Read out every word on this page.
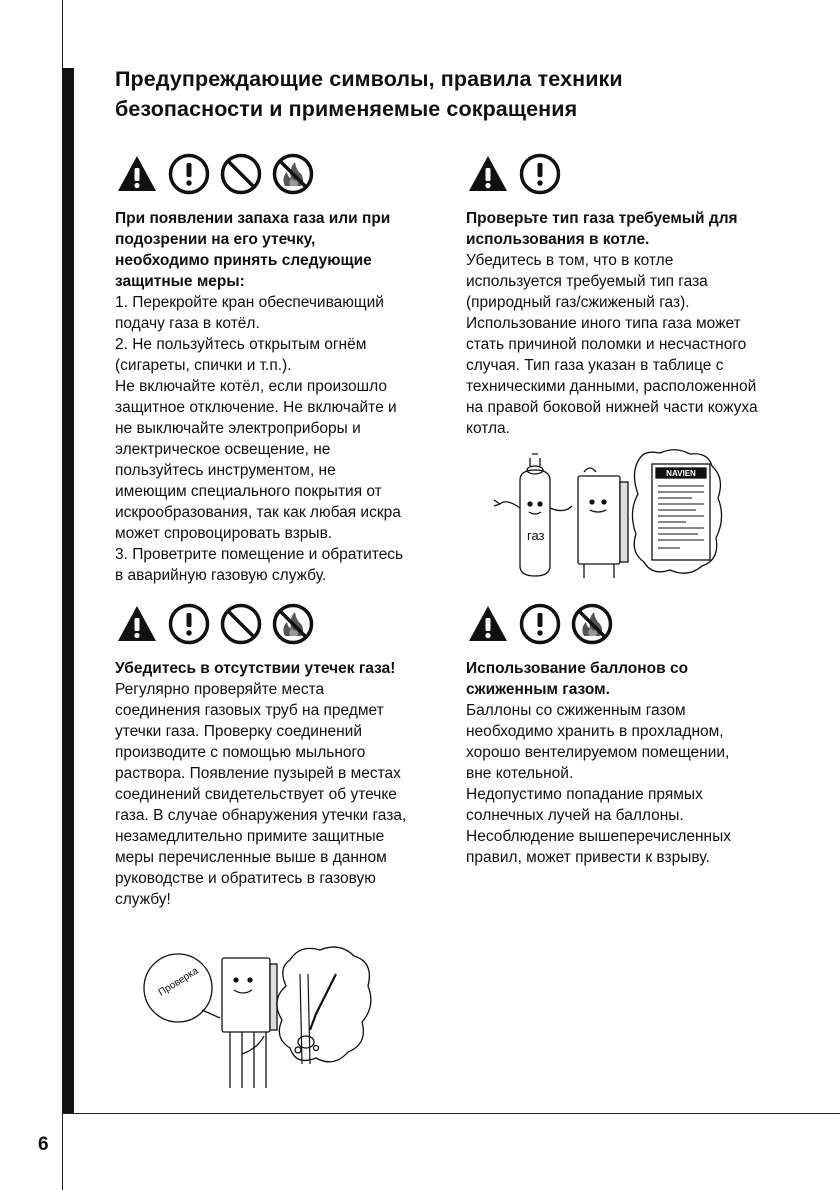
6
Предупреждающие символы, правила техники безопасности и применяемые сокращения

При появлении запаха газа или при подозрении на его утечку, необходимо принять следующие защитные меры:

1. Перекройте кран обеспечивающий подачу газа в котёл.

2. Не пользуйтесь открытым огнём (сигареты, спички и т.п.).

Не включайте котёл, если произошло защитное отключение. Не включайте и не выключайте электроприборы и электрическое освещение, не пользуйтесь инструментом, не имеющим специального покрытия от искрообразования, так как любая искра может спровоцировать взрыв.

3. Проветрите помещение и обратитесь в аварийную газовую службу.

Проверьте тип газа требуемый для использования в котле.

Убедитесь в том, что в котле используется требуемый тип газа (природный газ/сжиженый газ).

Использование иного типа газа может стать причиной поломки и несчастного случая. Тип газа указан в таблице с техническими данными, расположенной на правой боковой нижней части кожуха котла.

Убедитесь в отсутствии утечек газа!

Регулярно проверяйте места соединения газовых труб на предмет утечки газа. Проверку соединений производите с помощью мыльного раствора. Появление пузырей в местах соединений свидетельствует об утечке газа. В случае обнаружения утечки газа, незамедлительно примите защитные меры перечисленные выше в данном руководстве и обратитесь в газовую службу!

Использование баллонов со сжиженным газом.

Баллоны со сжиженным газом необходимо хранить в прохладном, хорошо вентелируемом помещении, вне котельной.

Недопустимо попадание прямых солнечных лучей на баллоны.

Несоблюдение вышеперечисленных правил, может привести к взрыву.

газ
NAVIEN
Проверка
